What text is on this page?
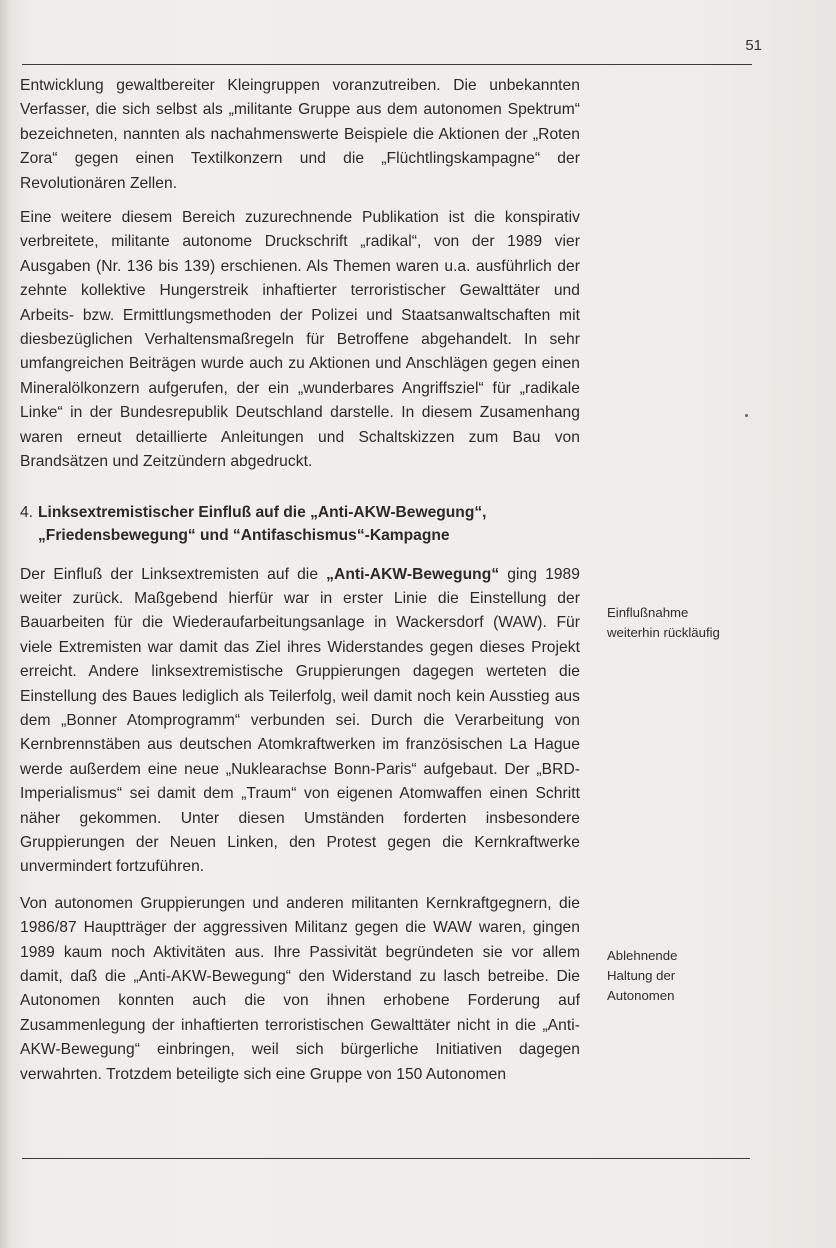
51

Entwicklung gewaltbereiter Kleingruppen voranzutreiben. Die unbekannten Verfasser, die sich selbst als „militante Gruppe aus dem autonomen Spektrum“ bezeichneten, nannten als nachahmenswerte Beispiele die Aktionen der „Roten Zora“ gegen einen Textilkonzern und die „Flüchtlingskampagne“ der Revolutionären Zellen.

Eine weitere diesem Bereich zuzurechnende Publikation ist die konspirativ verbreitete, militante autonome Druckschrift „radikal“, von der 1989 vier Ausgaben (Nr. 136 bis 139) erschienen. Als Themen waren u.a. ausführlich der zehnte kollektive Hungerstreik inhaftierter terroristischer Gewalttäter und Arbeits- bzw. Ermittlungsmethoden der Polizei und Staatsanwaltschaften mit diesbezüglichen Verhaltensmaßregeln für Betroffene abgehandelt. In sehr umfangreichen Beiträgen wurde auch zu Aktionen und Anschlägen gegen einen Mineralölkonzern aufgerufen, der ein „wunderbares Angriffsziel“ für „radikale Linke“ in der Bundesrepublik Deutschland darstelle. In diesem Zusamenhang waren erneut detaillierte Anleitungen und Schaltskizzen zum Bau von Brandsätzen und Zeitzündern abgedruckt.

4. Linksextremistischer Einfluß auf die „Anti-AKW-Bewegung“, „Friedensbewegung“ und “Antifaschismus“-Kampagne

Der Einfluß der Linksextremisten auf die „Anti-AKW-Bewegung“ ging 1989 weiter zurück. Maßgebend hierfür war in erster Linie die Einstellung der Bauarbeiten für die Wiederaufarbeitungsanlage in Wackersdorf (WAW). Für viele Extremisten war damit das Ziel ihres Widerstandes gegen dieses Projekt erreicht. Andere linksextremistische Gruppierungen dagegen werteten die Einstellung des Baues lediglich als Teilerfolg, weil damit noch kein Ausstieg aus dem „Bonner Atomprogramm“ verbunden sei. Durch die Verarbeitung von Kernbrennstäben aus deutschen Atomkraftwerken im französischen La Hague werde außerdem eine neue „Nuklearachse Bonn-Paris“ aufgebaut. Der „BRD-Imperialismus“ sei damit dem „Traum“ von eigenen Atomwaffen einen Schritt näher gekommen. Unter diesen Umständen forderten insbesondere Gruppierungen der Neuen Linken, den Protest gegen die Kernkraftwerke unvermindert fortzuführen.

Von autonomen Gruppierungen und anderen militanten Kernkraftgegnern, die 1986/87 Hauptträger der aggressiven Militanz gegen die WAW waren, gingen 1989 kaum noch Aktivitäten aus. Ihre Passivität begründeten sie vor allem damit, daß die „Anti-AKW-Bewegung“ den Widerstand zu lasch betreibe. Die Autonomen konnten auch die von ihnen erhobene Forderung auf Zusammenlegung der inhaftierten terroristischen Gewalttäter nicht in die „Anti-AKW-Bewegung“ einbringen, weil sich bürgerliche Initiativen dagegen verwahrten. Trotzdem beteiligte sich eine Gruppe von 150 Autonomen

Einflußnahme
weiterhin rückläufig
Ablehnende
Haltung der
Autonomen
